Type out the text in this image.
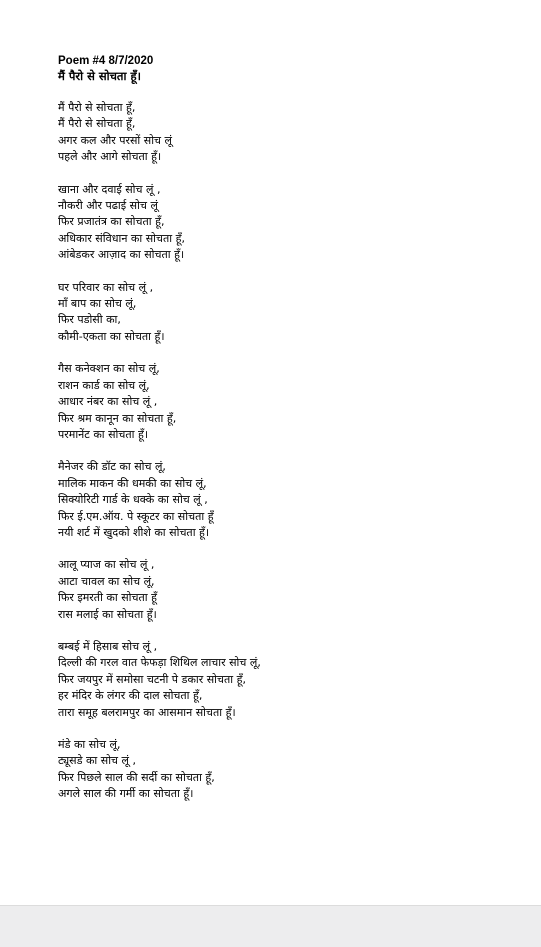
Poem #4 8/7/2020
मैं पैरो से सोचता हूँ।
मैं पैरो से सोचता हूँ,
मैं पैरो से सोचता हूँ,
अगर कल और परसों सोच लूं
पहले और आगे सोचता हूँ।
खाना और दवाई सोच लूं ,
नौकरी और पढाई सोच लूं
फिर प्रजातंत्र का सोचता हूँ,
अधिकार संविधान का सोचता हूँ,
आंबेडकर आज़ाद का सोचता हूँ।
घर परिवार का सोच लूं ,
माँ बाप का सोच लूं,
फिर पडोसी का,
कौमी-एकता का सोचता हूँ।
गैस कनेक्शन का सोच लूं,
राशन कार्ड का सोच लूं,
आधार नंबर का सोच लूं ,
फिर श्रम कानून का सोचता हूँ,
परमानेंट का सोचता हूँ।
मैनेजर की डॉट का सोच लूं,
मालिक माकन की धमकी का सोच लूं,
सिक्योरिटी गार्ड के धक्के का सोच लूं ,
फिर ई.एम.ऑय. पे स्कूटर का सोचता हूँ
नयी शर्ट में खुदको शीशे का सोचता हूँ।
आलू प्याज का सोच लूं ,
आटा चावल का सोच लूं,
फिर इमरती का सोचता हूँ
रास मलाई का सोचता हूँ।
बम्बई में हिसाब सोच लूं ,
दिल्ली की गरल वात फेफड़ा शिथिल लाचार सोच लूं,
फिर जयपुर में समोसा चटनी पे डकार सोचता हूँ,
हर मंदिर के लंगर की दाल सोचता हूँ,
तारा समूह बलरामपुर का आसमान सोचता हूँ।
मंडे का सोच लूं,
ट्यूसडे का सोच लूं ,
फिर पिछले साल की सर्दी का सोचता हूँ,
अगले साल की गर्मी का सोचता हूँ।
